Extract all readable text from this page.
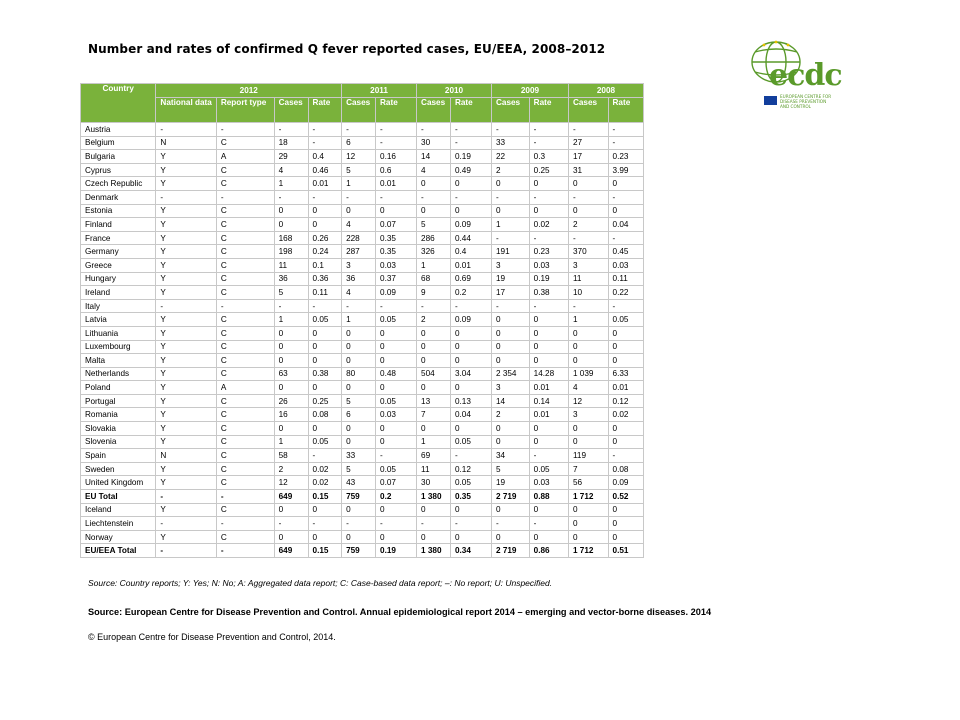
Number and rates of confirmed Q fever reported cases, EU/EEA, 2008–2012
ecdc
EUROPEAN CENTRE FOR
DISEASE PREVENTION
AND CONTROL
Country	2012				2011		2010		2009		2008	
	National data	Report type	Cases	Rate	Cases	Rate	Cases	Rate	Cases	Rate	Cases	Rate
Austria	-	-	-	-	-	-	-	-	-	-	-	-
Belgium	N	C	18	-	6	-	30	-	33	-	27	-
Bulgaria	Y	A	29	0.4	12	0.16	14	0.19	22	0.3	17	0.23
Cyprus	Y	C	4	0.46	5	0.6	4	0.49	2	0.25	31	3.99
Czech Republic	Y	C	1	0.01	1	0.01	0	0	0	0	0	0
Denmark	-	-	-	-	-	-	-	-	-	-	-	-
Estonia	Y	C	0	0	0	0	0	0	0	0	0	0
Finland	Y	C	0	0	4	0.07	5	0.09	1	0.02	2	0.04
France	Y	C	168	0.26	228	0.35	286	0.44	-	-	-	-
Germany	Y	C	198	0.24	287	0.35	326	0.4	191	0.23	370	0.45
Greece	Y	C	11	0.1	3	0.03	1	0.01	3	0.03	3	0.03
Hungary	Y	C	36	0.36	36	0.37	68	0.69	19	0.19	11	0.11
Ireland	Y	C	5	0.11	4	0.09	9	0.2	17	0.38	10	0.22
Italy	-	-	-	-	-	-	-	-	-	-	-	-
Latvia	Y	C	1	0.05	1	0.05	2	0.09	0	0	1	0.05
Lithuania	Y	C	0	0	0	0	0	0	0	0	0	0
Luxembourg	Y	C	0	0	0	0	0	0	0	0	0	0
Malta	Y	C	0	0	0	0	0	0	0	0	0	0
Netherlands	Y	C	63	0.38	80	0.48	504	3.04	2 354	14.28	1 039	6.33
Poland	Y	A	0	0	0	0	0	0	3	0.01	4	0.01
Portugal	Y	C	26	0.25	5	0.05	13	0.13	14	0.14	12	0.12
Romania	Y	C	16	0.08	6	0.03	7	0.04	2	0.01	3	0.02
Slovakia	Y	C	0	0	0	0	0	0	0	0	0	0
Slovenia	Y	C	1	0.05	0	0	1	0.05	0	0	0	0
Spain	N	C	58	-	33	-	69	-	34	-	119	-
Sweden	Y	C	2	0.02	5	0.05	11	0.12	5	0.05	7	0.08
United Kingdom	Y	C	12	0.02	43	0.07	30	0.05	19	0.03	56	0.09
EU Total	-	-	649	0.15	759	0.2	1 380	0.35	2 719	0.88	1 712	0.52
Iceland	Y	C	0	0	0	0	0	0	0	0	0	0
Liechtenstein	-	-	-	-	-	-	-	-	-	-	0	0
Norway	Y	C	0	0	0	0	0	0	0	0	0	0
EU/EEA Total	-	-	649	0.15	759	0.19	1 380	0.34	2 719	0.86	1 712	0.51
Source: Country reports; Y: Yes; N: No; A: Aggregated data report; C: Case-based data report; –: No report; U: Unspecified.
Source: European Centre for Disease Prevention and Control. Annual epidemiological report 2014 – emerging and vector-borne diseases. 2014
© European Centre for Disease Prevention and Control, 2014.
